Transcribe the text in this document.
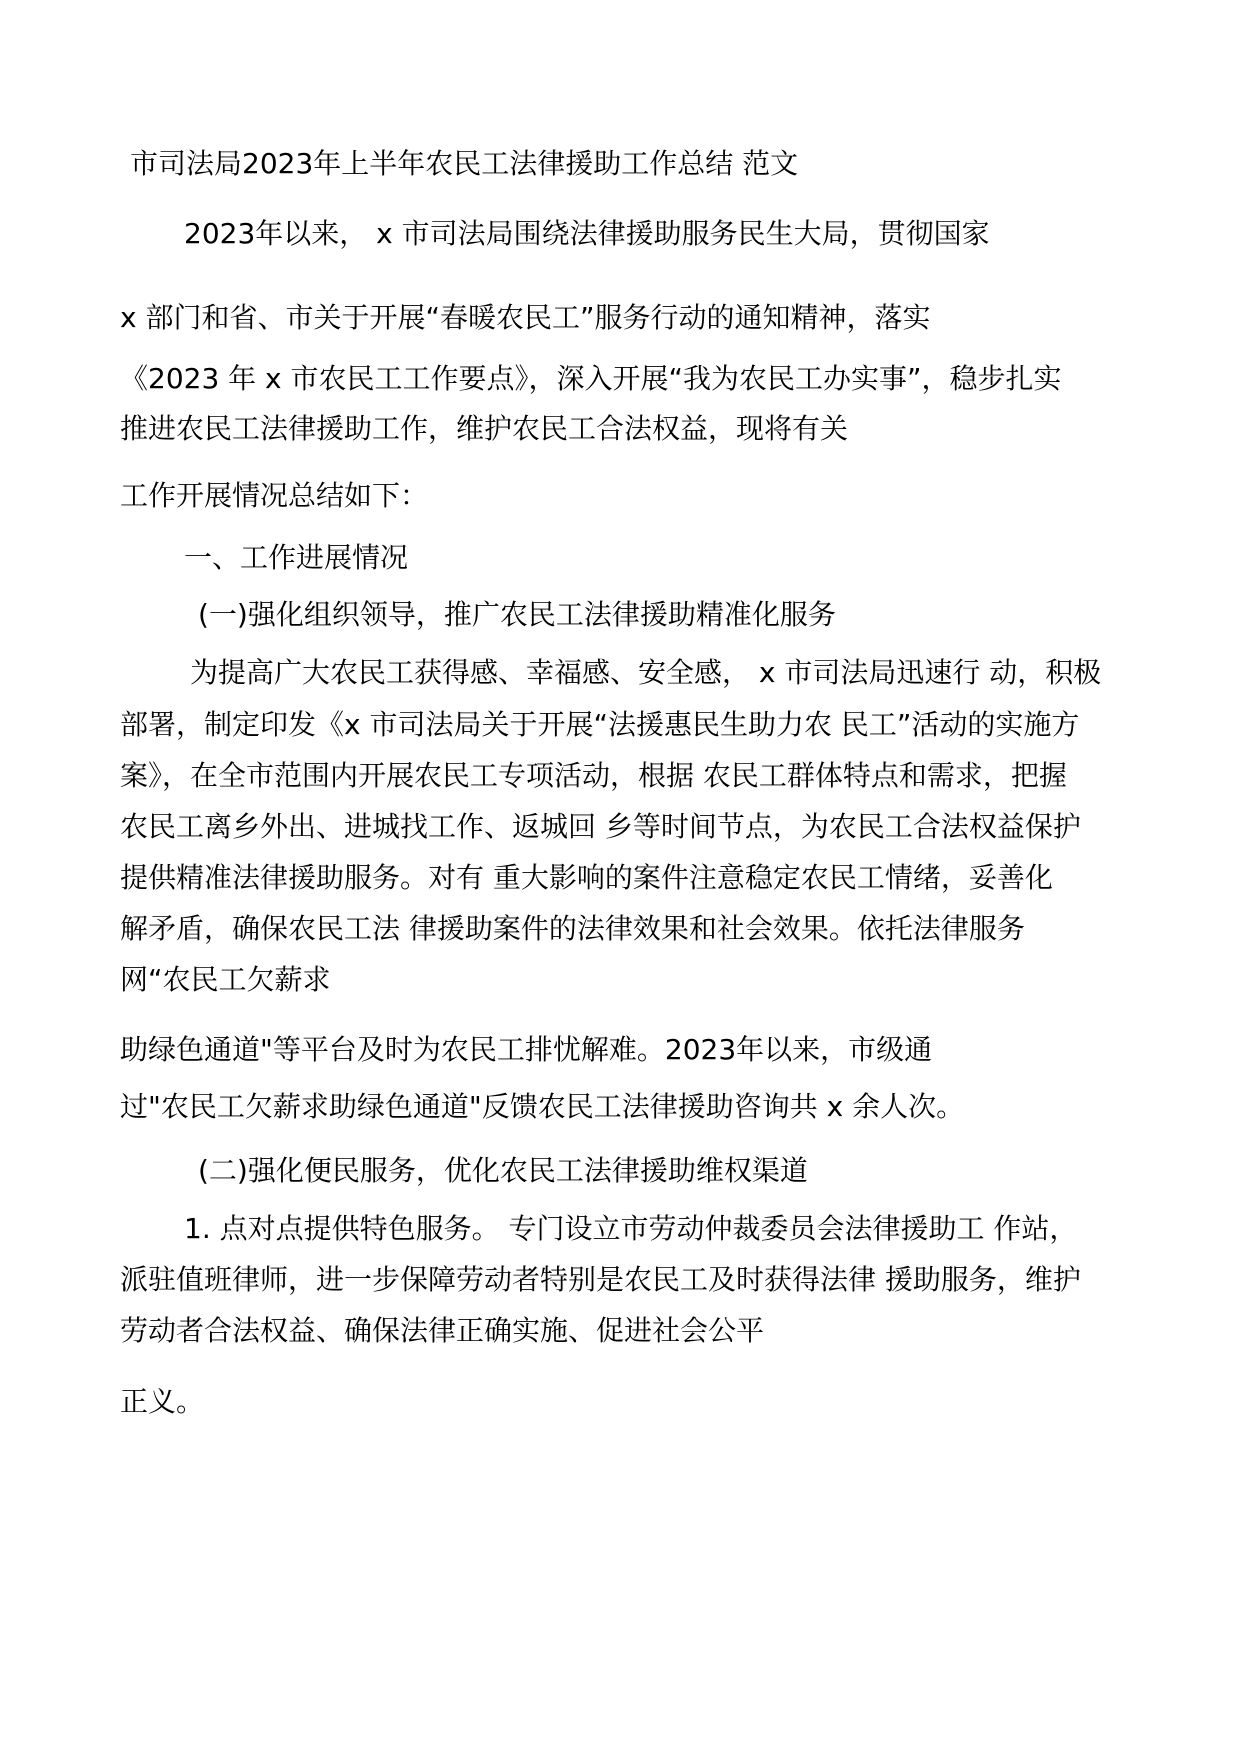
市司法局2023年上半年农民工法律援助工作总结 范文
2023年以来， x 市司法局围绕法律援助服务民生大局，贯彻国家
x 部门和省、市关于开展“春暖农民工”服务行动的通知精神，落实
《2023 年 x 市农民工工作要点》，深入开展“我为农民工办实事”，稳步扎实
推进农民工法律援助工作，维护农民工合法权益，现将有关
工作开展情况总结如下：
一、工作进展情况
(一)强化组织领导，推广农民工法律援助精准化服务
为提高广大农民工获得感、幸福感、安全感， x 市司法局迅速行 动，积极
部署，制定印发《x 市司法局关于开展“法援惠民生助力农 民工”活动的实施方
案》，在全市范围内开展农民工专项活动，根据 农民工群体特点和需求，把握
农民工离乡外出、进城找工作、返城回 乡等时间节点，为农民工合法权益保护
提供精准法律援助服务。对有 重大影响的案件注意稳定农民工情绪，妥善化
解矛盾，确保农民工法 律援助案件的法律效果和社会效果。依托法律服务
网“农民工欠薪求
助绿色通道"等平台及时为农民工排忧解难。2023年以来，市级通
过"农民工欠薪求助绿色通道"反馈农民工法律援助咨询共 x 余人次。
(二)强化便民服务，优化农民工法律援助维权渠道
1. 点对点提供特色服务。 专门设立市劳动仲裁委员会法律援助工 作站，
派驻值班律师，进一步保障劳动者特别是农民工及时获得法律 援助服务，维护
劳动者合法权益、确保法律正确实施、促进社会公平
正义。
